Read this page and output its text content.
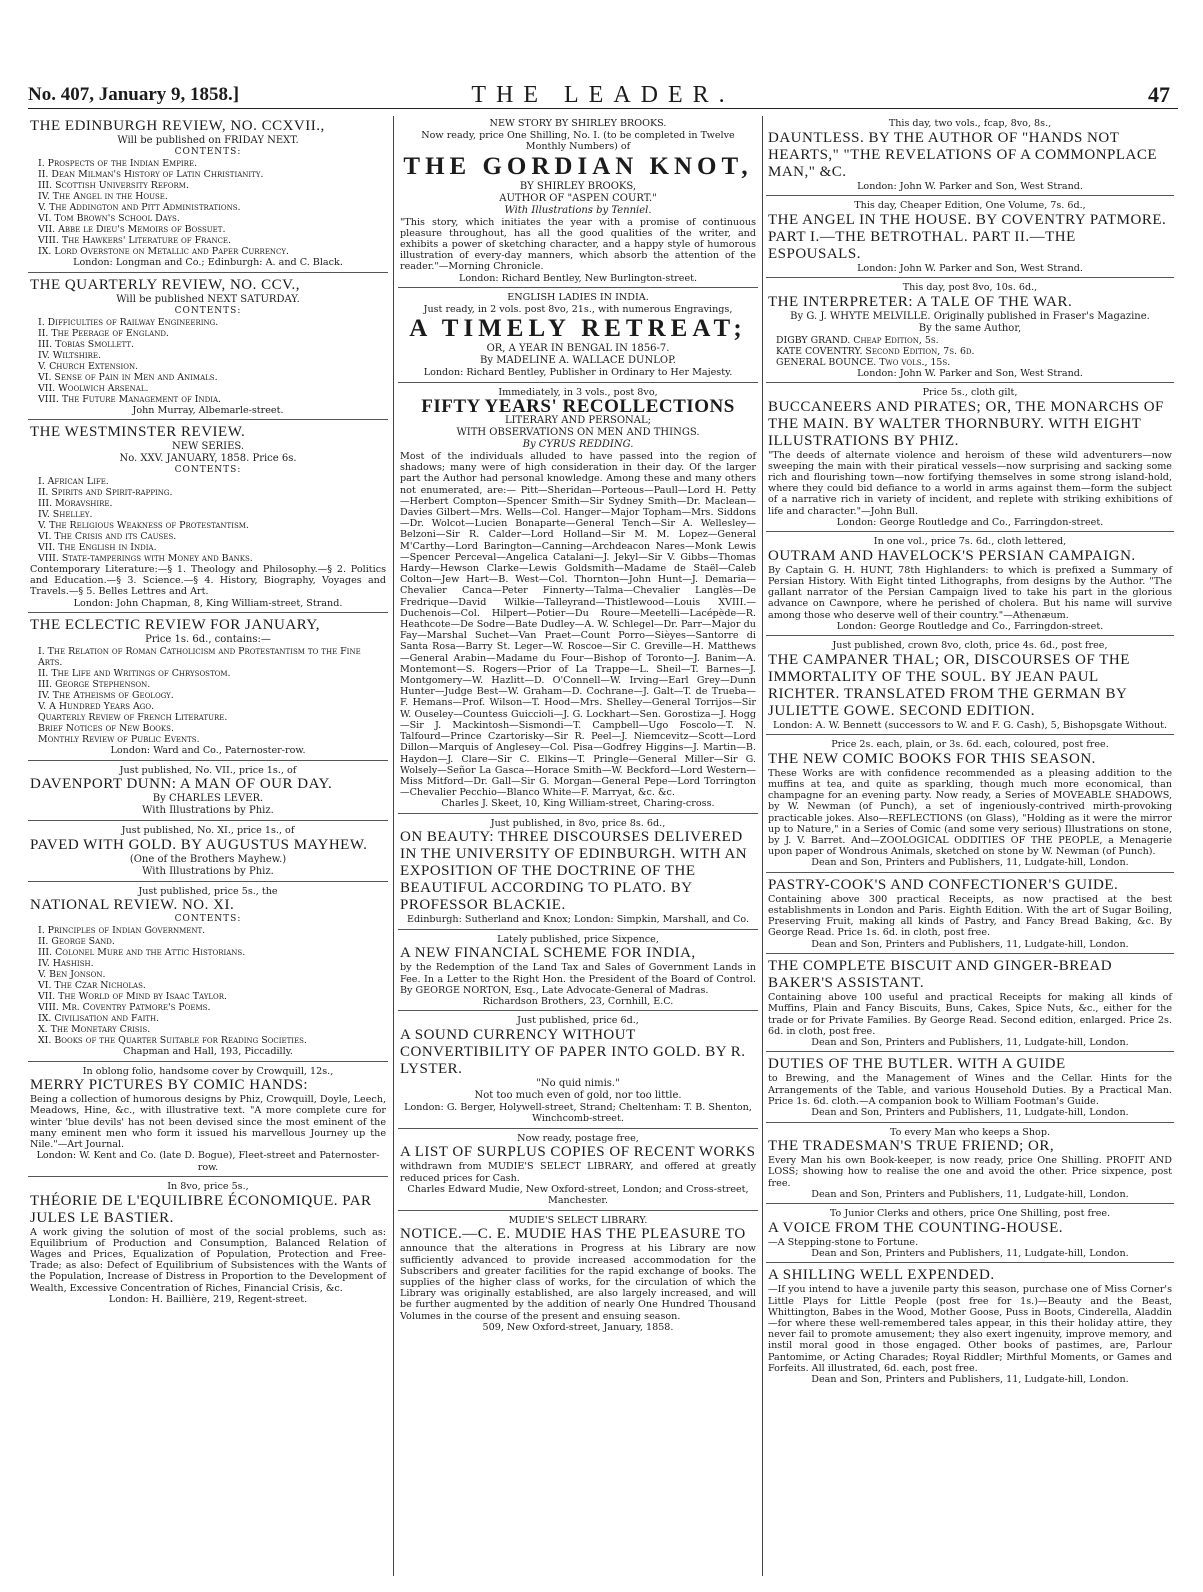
No. 407, January 9, 1858.]	THE LEADER.	47
THE EDINBURGH REVIEW, NO. CCXVII.,
Will be published on FRIDAY NEXT.
CONTENTS:
I. Prospects of the Indian Empire.
II. Dean Milman's History of Latin Christianity.
III. Scottish University Reform.
IV. The Angel in the House.
V. The Addington and Pitt Administrations.
VI. Tom Brown's School Days.
VII. Abbe le Dieu's Memoirs of Bossuet.
VIII. The Hawkers' Literature of France.
IX. Lord Overstone on Metallic and Paper Currency.
London: Longman and Co.; Edinburgh: A. and C. Black.
THE QUARTERLY REVIEW, NO. CCV.,
Will be published NEXT SATURDAY.
CONTENTS:
I. Difficulties of Railway Engineering.
II. The Peerage of England.
III. Tobias Smollett.
IV. Wiltshire.
V. Church Extension.
VI. Sense of Pain in Men and Animals.
VII. Woolwich Arsenal.
VIII. The Future Management of India.
John Murray, Albemarle-street.
THE WESTMINSTER REVIEW.
NEW SERIES.
No. XXV. JANUARY, 1858. Price 6s.
CONTENTS:
I. African Life.
II. Spirits and Spirit-rapping.
III. Moravshire.
IV. Shelley.
V. The Religious Weakness of Protestantism.
VI. The Crisis and its Causes.
VII. The English in India.
VIII. State-tamperings with Money and Banks.
Contemporary Literature:—§ 1. Theology and Philosophy.—§ 2. Politics and Education.—§ 3. Science.—§ 4. History, Biography, Voyages and Travels.—§ 5. Belles Lettres and Art.
London: John Chapman, 8, King William-street, Strand.
THE ECLECTIC REVIEW FOR JANUARY,
Price 1s. 6d., contains:—
I. The Relation of Roman Catholicism and Protestantism to the Fine Arts.
II. The Life and Writings of Chrysostom.
III. George Stephenson.
IV. The Atheisms of Geology.
V. A Hundred Years Ago.
Quarterly Review of French Literature.
Brief Notices of New Books.
Monthly Review of Public Events.
London: Ward and Co., Paternoster-row.
Just published, No. VII., price 1s., of
DAVENPORT DUNN: A MAN OF OUR DAY.
By CHARLES LEVER.
With Illustrations by Phiz.
Just published, No. XI., price 1s., of
PAVED WITH GOLD. BY AUGUSTUS MAYHEW.
(One of the Brothers Mayhew.)
With Illustrations by Phiz.
Just published, price 5s., the
NATIONAL REVIEW. NO. XI.
CONTENTS:
I. Principles of Indian Government.
II. George Sand.
III. Colonel Mure and the Attic Historians.
IV. Hashish.
V. Ben Jonson.
VI. The Czar Nicholas.
VII. The World of Mind by Isaac Taylor.
VIII. Mr. Coventry Patmore's Poems.
IX. Civilisation and Faith.
X. The Monetary Crisis.
XI. Books of the Quarter Suitable for Reading Societies.
Chapman and Hall, 193, Piccadilly.
In oblong folio, handsome cover by Crowquill, 12s.,
MERRY PICTURES BY COMIC HANDS:
Being a collection of humorous designs by Phiz, Crowquill, Doyle, Leech, Meadows, Hine, &c., with illustrative text. "A more complete cure for winter 'blue devils' has not been devised since the most eminent of the many eminent men who form it issued his marvellous Journey up the Nile."—Art Journal.
London: W. Kent and Co. (late D. Bogue), Fleet-street and Paternoster-row.
In 8vo, price 5s.,
THÉORIE DE L'EQUILIBRE ÉCONOMIQUE. PAR JULES LE BASTIER.
A work giving the solution of most of the social problems, such as: Equilibrium of Production and Consumption, Balanced Relation of Wages and Prices, Equalization of Population, Protection and Free-Trade; as also: Defect of Equilibrium of Subsistences with the Wants of the Population, Increase of Distress in Proportion to the Development of Wealth, Excessive Concentration of Riches, Financial Crisis, &c.
London: H. Baillière, 219, Regent-street.
NEW STORY BY SHIRLEY BROOKS.
Now ready, price One Shilling, No. I. (to be completed in Twelve Monthly Numbers) of
THE GORDIAN KNOT,
BY SHIRLEY BROOKS,
AUTHOR OF "ASPEN COURT."
With Illustrations by Tenniel.
"This story, which initiates the year with a promise of continuous pleasure throughout, has all the good qualities of the writer, and exhibits a power of sketching character, and a happy style of humorous illustration of every-day manners, which absorb the attention of the reader."—Morning Chronicle.
London: Richard Bentley, New Burlington-street.
ENGLISH LADIES IN INDIA.
Just ready, in 2 vols. post 8vo, 21s., with numerous Engravings,
A TIMELY RETREAT;
OR, A YEAR IN BENGAL IN 1856-7.
By MADELINE A. WALLACE DUNLOP.
London: Richard Bentley, Publisher in Ordinary to Her Majesty.
Immediately, in 3 vols., post 8vo,
FIFTY YEARS' RECOLLECTIONS
LITERARY AND PERSONAL;
WITH OBSERVATIONS ON MEN AND THINGS.
By CYRUS REDDING.
Most of the individuals alluded to have passed into the region of shadows; many were of high consideration in their day. Of the larger part the Author had personal knowledge. Among these and many others not enumerated, are:— Pitt—Sheridan—Porteous—Paull—Lord H. Petty—Herbert Compton—Spencer Smith—Sir Sydney Smith—Dr. Maclean—Davies Gilbert—Mrs. Wells—Col. Hanger—Major Topham—Mrs. Siddons—Dr. Wolcot—Lucien Bonaparte—General Tench—Sir A. Wellesley—Belzoni—Sir R. Calder—Lord Holland—Sir M. M. Lopez—General M'Carthy—Lord Barington—Canning—Archdeacon Nares—Monk Lewis—Spencer Perceval—Angelica Catalani—J. Jekyl—Sir V. Gibbs—Thomas Hardy—Hewson Clarke—Lewis Goldsmith—Madame de Staël—Caleb Colton—Jew Hart—B. West—Col. Thornton—John Hunt—J. Demaria—Chevalier Canca—Peter Finnerty—Talma—Chevalier Langlès—De Fredrique—David Wilkie—Talleyrand—Thistlewood—Louis XVIII.—Duchenois—Col. Hilpert—Potier—Du Roure—Meetelli—Lacépède—R. Heathcote—De Sodre—Bate Dudley—A. W. Schlegel—Dr. Parr—Major du Fay—Marshal Suchet—Van Praet—Count Porro—Sièyes—Santorre di Santa Rosa—Barry St. Leger—W. Roscoe—Sir C. Greville—H. Matthews—General Arabin—Madame du Four—Bishop of Toronto—J. Banim—A. Montemont—S. Rogers—Prior of La Trappe—L. Sheil—T. Barnes—J. Montgomery—W. Hazlitt—D. O'Connell—W. Irving—Earl Grey—Dunn Hunter—Judge Best—W. Graham—D. Cochrane—J. Galt—T. de Trueba—F. Hemans—Prof. Wilson—T. Hood—Mrs. Shelley—General Torrijos—Sir W. Ouseley—Countess Guiccioli—J. G. Lockhart—Sen. Gorostiza—J. Hogg—Sir J. Mackintosh—Sismondi—T. Campbell—Ugo Foscolo—T. N. Talfourd—Prince Czartorisky—Sir R. Peel—J. Niemcevitz—Scott—Lord Dillon—Marquis of Anglesey—Col. Pisa—Godfrey Higgins—J. Martin—B. Haydon—J. Clare—Sir C. Elkins—T. Pringle—General Miller—Sir G. Wolsely—Señor La Gasca—Horace Smith—W. Beckford—Lord Western—Miss Mitford—Dr. Gall—Sir G. Morgan—General Pepe—Lord Torrington—Chevalier Pecchio—Blanco White—F. Marryat, &c. &c.
Charles J. Skeet, 10, King William-street, Charing-cross.
Just published, in 8vo, price 8s. 6d.,
ON BEAUTY: THREE DISCOURSES DELIVERED IN THE UNIVERSITY OF EDINBURGH. WITH AN EXPOSITION OF THE DOCTRINE OF THE BEAUTIFUL ACCORDING TO PLATO. BY PROFESSOR BLACKIE.
Edinburgh: Sutherland and Knox; London: Simpkin, Marshall, and Co.
Lately published, price Sixpence,
A NEW FINANCIAL SCHEME FOR INDIA,
by the Redemption of the Land Tax and Sales of Government Lands in Fee. In a Letter to the Right Hon. the President of the Board of Control. By GEORGE NORTON, Esq., Late Advocate-General of Madras.
Richardson Brothers, 23, Cornhill, E.C.
Just published, price 6d.,
A SOUND CURRENCY WITHOUT CONVERTIBILITY OF PAPER INTO GOLD. BY R. LYSTER.
"No quid nimis."
Not too much even of gold, nor too little.
London: G. Berger, Holywell-street, Strand; Cheltenham: T. B. Shenton, Winchcomb-street.
Now ready, postage free,
A LIST OF SURPLUS COPIES OF RECENT WORKS
withdrawn from MUDIE'S SELECT LIBRARY, and offered at greatly reduced prices for Cash.
Charles Edward Mudie, New Oxford-street, London; and Cross-street, Manchester.
MUDIE'S SELECT LIBRARY.
NOTICE.—C. E. MUDIE HAS THE PLEASURE TO
announce that the alterations in Progress at his Library are now sufficiently advanced to provide increased accommodation for the Subscribers and greater facilities for the rapid exchange of books. The supplies of the higher class of works, for the circulation of which the Library was originally established, are also largely increased, and will be further augmented by the addition of nearly One Hundred Thousand Volumes in the course of the present and ensuing season.
509, New Oxford-street, January, 1858.
This day, two vols., fcap, 8vo, 8s.,
DAUNTLESS. BY THE AUTHOR OF "HANDS NOT HEARTS," "THE REVELATIONS OF A COMMONPLACE MAN," &C.
London: John W. Parker and Son, West Strand.
This day, Cheaper Edition, One Volume, 7s. 6d.,
THE ANGEL IN THE HOUSE. BY COVENTRY PATMORE. PART I.—THE BETROTHAL. PART II.—THE ESPOUSALS.
London: John W. Parker and Son, West Strand.
This day, post 8vo, 10s. 6d.,
THE INTERPRETER: A TALE OF THE WAR.
By G. J. WHYTE MELVILLE. Originally published in Fraser's Magazine.
By the same Author,
DIGBY GRAND. Cheap Edition, 5s.
KATE COVENTRY. Second Edition, 7s. 6d.
GENERAL BOUNCE. Two vols., 15s.
London: John W. Parker and Son, West Strand.
Price 5s., cloth gilt,
BUCCANEERS AND PIRATES; OR, THE MONARCHS OF THE MAIN. BY WALTER THORNBURY. WITH EIGHT ILLUSTRATIONS BY PHIZ.
"The deeds of alternate violence and heroism of these wild adventurers—now sweeping the main with their piratical vessels—now surprising and sacking some rich and flourishing town—now fortifying themselves in some strong island-hold, where they could bid defiance to a world in arms against them—form the subject of a narrative rich in variety of incident, and replete with striking exhibitions of life and character."—John Bull.
London: George Routledge and Co., Farringdon-street.
In one vol., price 7s. 6d., cloth lettered,
OUTRAM AND HAVELOCK'S PERSIAN CAMPAIGN.
By Captain G. H. HUNT, 78th Highlanders: to which is prefixed a Summary of Persian History. With Eight tinted Lithographs, from designs by the Author. "The gallant narrator of the Persian Campaign lived to take his part in the glorious advance on Cawnpore, where he perished of cholera. But his name will survive among those who deserve well of their country."—Athenæum.
London: George Routledge and Co., Farringdon-street.
Just published, crown 8vo, cloth, price 4s. 6d., post free,
THE CAMPANER THAL; OR, DISCOURSES OF THE IMMORTALITY OF THE SOUL. BY JEAN PAUL RICHTER. TRANSLATED FROM THE GERMAN BY JULIETTE GOWE. SECOND EDITION.
London: A. W. Bennett (successors to W. and F. G. Cash), 5, Bishopsgate Without.
Price 2s. each, plain, or 3s. 6d. each, coloured, post free.
THE NEW COMIC BOOKS FOR THIS SEASON.
These Works are with confidence recommended as a pleasing addition to the muffins at tea, and quite as sparkling, though much more economical, than champagne for an evening party. Now ready, a Series of MOVEABLE SHADOWS, by W. Newman (of Punch), a set of ingeniously-contrived mirth-provoking practicable jokes. Also—REFLECTIONS (on Glass), "Holding as it were the mirror up to Nature," in a Series of Comic (and some very serious) Illustrations on stone, by J. V. Barret. And—ZOOLOGICAL ODDITIES OF THE PEOPLE, a Menagerie upon paper of Wondrous Animals, sketched on stone by W. Newman (of Punch).
Dean and Son, Printers and Publishers, 11, Ludgate-hill, London.
PASTRY-COOK'S AND CONFECTIONER'S GUIDE.
Containing above 300 practical Receipts, as now practised at the best establishments in London and Paris. Eighth Edition. With the art of Sugar Boiling, Preserving Fruit, making all kinds of Pastry, and Fancy Bread Baking, &c. By George Read. Price 1s. 6d. in cloth, post free.
Dean and Son, Printers and Publishers, 11, Ludgate-hill, London.
THE COMPLETE BISCUIT AND GINGER-BREAD BAKER'S ASSISTANT.
Containing above 100 useful and practical Receipts for making all kinds of Muffins, Plain and Fancy Biscuits, Buns, Cakes, Spice Nuts, &c., either for the trade or for Private Families. By George Read. Second edition, enlarged. Price 2s. 6d. in cloth, post free.
Dean and Son, Printers and Publishers, 11, Ludgate-hill, London.
DUTIES OF THE BUTLER. WITH A GUIDE
to Brewing, and the Management of Wines and the Cellar. Hints for the Arrangements of the Table, and various Household Duties. By a Practical Man. Price 1s. 6d. cloth.—A companion book to William Footman's Guide.
Dean and Son, Printers and Publishers, 11, Ludgate-hill, London.
To every Man who keeps a Shop.
THE TRADESMAN'S TRUE FRIEND; OR,
Every Man his own Book-keeper, is now ready, price One Shilling. PROFIT AND LOSS; showing how to realise the one and avoid the other. Price sixpence, post free.
Dean and Son, Printers and Publishers, 11, Ludgate-hill, London.
To Junior Clerks and others, price One Shilling, post free.
A VOICE FROM THE COUNTING-HOUSE.
—A Stepping-stone to Fortune.
Dean and Son, Printers and Publishers, 11, Ludgate-hill, London.
A SHILLING WELL EXPENDED.
—If you intend to have a juvenile party this season, purchase one of Miss Corner's Little Plays for Little People (post free for 1s.)—Beauty and the Beast, Whittington, Babes in the Wood, Mother Goose, Puss in Boots, Cinderella, Aladdin—for where these well-remembered tales appear, in this their holiday attire, they never fail to promote amusement; they also exert ingenuity, improve memory, and instil moral good in those engaged. Other books of pastimes, are, Parlour Pantomime, or Acting Charades; Royal Riddler; Mirthful Moments, or Games and Forfeits. All illustrated, 6d. each, post free.
Dean and Son, Printers and Publishers, 11, Ludgate-hill, London.
